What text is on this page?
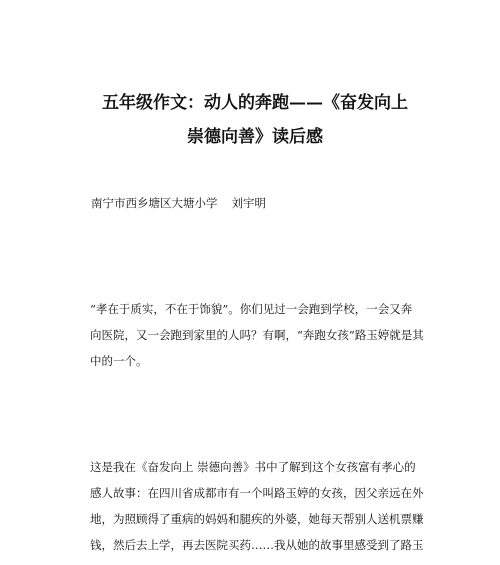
五年级作文：动人的奔跑——《奋发向上
崇德向善》读后感
南宁市西乡塘区大塘小学 刘宇明
“孝在于质实，不在于饰貌”。你们见过一会跑到学校，一会又奔
向医院，又一会跑到家里的人吗？有啊，“奔跑女孩”路玉婷就是其
中的一个。
这是我在《奋发向上 崇德向善》书中了解到这个女孩富有孝心的
感人故事：在四川省成都市有一个叫路玉婷的女孩，因父亲远在外
地，为照顾得了重病的妈妈和腿疾的外婆，她每天帮别人送机票赚
钱，然后去上学，再去医院买药……我从她的故事里感受到了路玉
